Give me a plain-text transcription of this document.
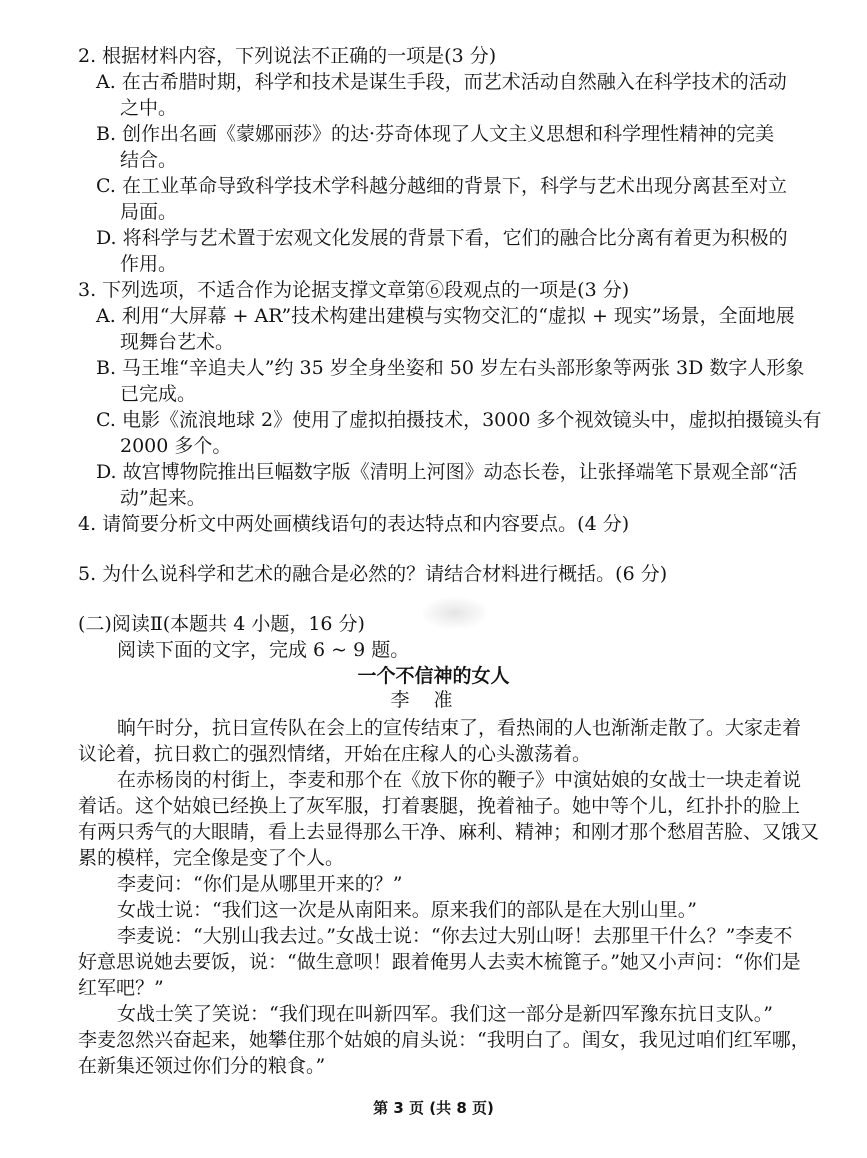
2. 根据材料内容，下列说法不正确的一项是(3 分)
A. 在古希腊时期，科学和技术是谋生手段，而艺术活动自然融入在科学技术的活动
之中。
B. 创作出名画《蒙娜丽莎》的达·芬奇体现了人文主义思想和科学理性精神的完美
结合。
C. 在工业革命导致科学技术学科越分越细的背景下，科学与艺术出现分离甚至对立
局面。
D. 将科学与艺术置于宏观文化发展的背景下看，它们的融合比分离有着更为积极的
作用。
3. 下列选项，不适合作为论据支撑文章第⑥段观点的一项是(3 分)
A. 利用“大屏幕 + AR”技术构建出建模与实物交汇的“虚拟 + 现实”场景，全面地展
现舞台艺术。
B. 马王堆“辛追夫人”约 35 岁全身坐姿和 50 岁左右头部形象等两张 3D 数字人形象
已完成。
C. 电影《流浪地球 2》使用了虚拟拍摄技术，3000 多个视效镜头中，虚拟拍摄镜头有
2000 多个。
D. 故宫博物院推出巨幅数字版《清明上河图》动态长卷，让张择端笔下景观全部“活
动”起来。
4. 请简要分析文中两处画横线语句的表达特点和内容要点。(4 分)
5. 为什么说科学和艺术的融合是必然的？请结合材料进行概括。(6 分)
(二)阅读Ⅱ(本题共 4 小题，16 分)
阅读下面的文字，完成 6 ~ 9 题。
一个不信神的女人
李准
晌午时分，抗日宣传队在会上的宣传结束了，看热闹的人也渐渐走散了。大家走着
议论着，抗日救亡的强烈情绪，开始在庄稼人的心头激荡着。
在赤杨岗的村街上，李麦和那个在《放下你的鞭子》中演姑娘的女战士一块走着说
着话。这个姑娘已经换上了灰军服，打着裹腿，挽着袖子。她中等个儿，红扑扑的脸上
有两只秀气的大眼睛，看上去显得那么干净、麻利、精神；和刚才那个愁眉苦脸、又饿又
累的模样，完全像是变了个人。
李麦问：“你们是从哪里开来的？”
女战士说：“我们这一次是从南阳来。原来我们的部队是在大别山里。”
李麦说：“大别山我去过。”女战士说：“你去过大别山呀！去那里干什么？”李麦不
好意思说她去要饭，说：“做生意呗！跟着俺男人去卖木梳篦子。”她又小声问：“你们是
红军吧？”
女战士笑了笑说：“我们现在叫新四军。我们这一部分是新四军豫东抗日支队。”
李麦忽然兴奋起来，她攀住那个姑娘的肩头说：“我明白了。闺女，我见过咱们红军哪，
在新集还领过你们分的粮食。”
第 3 页 (共 8 页)
